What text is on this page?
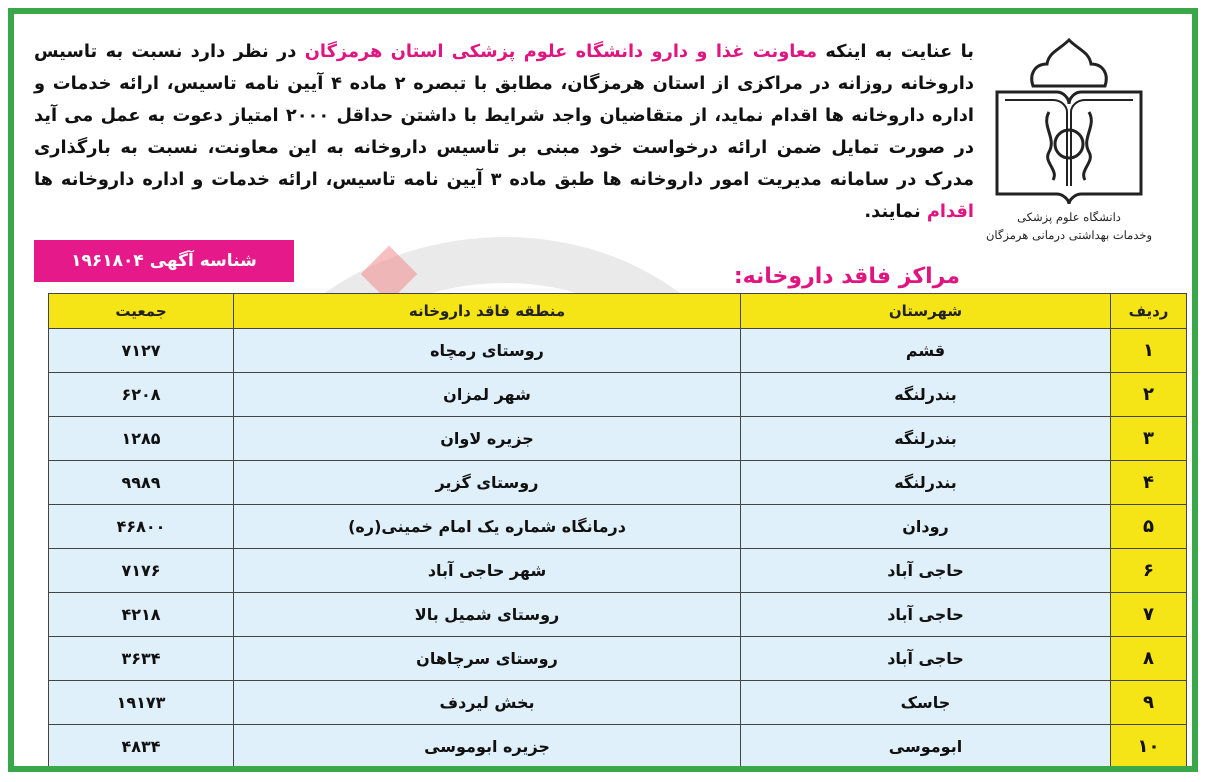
دانشگاه علوم پزشکی
وخدمات بهداشتی درمانی هرمزگان
با عنایت به اینکه معاونت غذا و دارو دانشگاه علوم پزشکی استان هرمزگان در نظر دارد نسبت به تاسیس داروخانه روزانه در مراکزی از استان هرمزگان، مطابق با تبصره ۲ ماده ۴ آیین نامه تاسیس، ارائه خدمات و اداره داروخانه ها اقدام نماید، از متقاضیان واجد شرایط با داشتن حداقل ۲۰۰۰ امتیاز دعوت به عمل می آید در صورت تمایل ضمن ارائه درخواست خود مبنی بر تاسیس داروخانه به این معاونت، نسبت به بارگذاری مدرک در سامانه مدیریت امور داروخانه ها طبق ماده ۳ آیین نامه تاسیس، ارائه خدمات و اداره داروخانه ها اقدام نمایند.
شناسه آگهی ۱۹۶۱۸۰۴
مراکز فاقد داروخانه:
ردیف	شهرستان	منطقه فاقد داروخانه	جمعیت
۱	قشم	روستای رمچاه	۷۱۲۷
۲	بندرلنگه	شهر لمزان	۶۲۰۸
۳	بندرلنگه	جزیره لاوان	۱۲۸۵
۴	بندرلنگه	روستای گزیر	۹۹۸۹
۵	رودان	درمانگاه شماره یک امام خمینی(ره)	۴۶۸۰۰
۶	حاجی آباد	شهر حاجی آباد	۷۱۷۶
۷	حاجی آباد	روستای شمیل بالا	۴۲۱۸
۸	حاجی آباد	روستای سرچاهان	۳۶۳۴
۹	جاسک	بخش لیردف	۱۹۱۷۳
۱۰	ابوموسی	جزیره ابوموسی	۴۸۳۴
